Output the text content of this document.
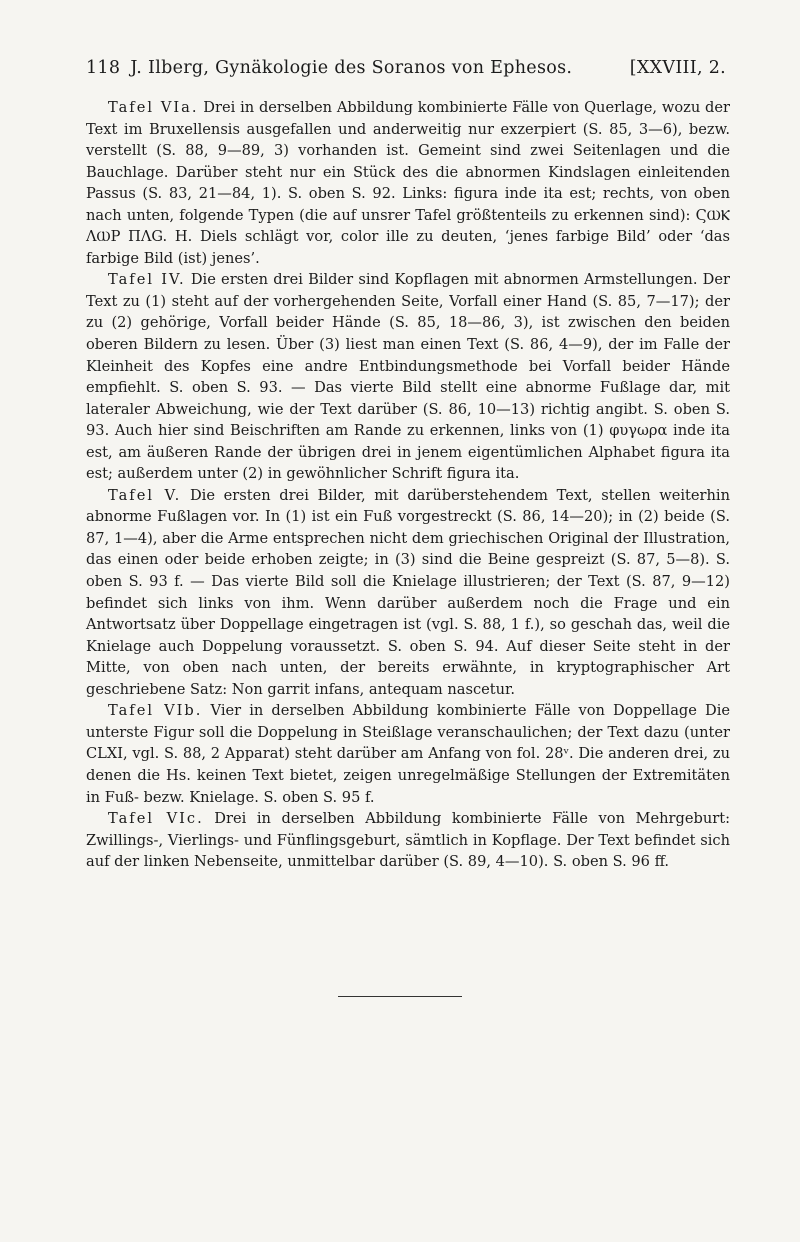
118 J. Ilberg, Gynäkologie des Soranos von Ephesos.	[XXVIII, 2.

Tafel VIa. Drei in derselben Abbildung kombinierte Fälle von Querlage, wozu der Text im Bruxellensis ausgefallen und anderweitig nur exzerpiert (S. 85, 3—6), bezw. verstellt (S. 88, 9—89, 3) vorhanden ist. Gemeint sind zwei Seitenlagen und die Bauchlage. Darüber steht nur ein Stück des die abnormen Kindslagen einleitenden Passus (S. 83, 21—84, 1). S. oben S. 92. Links: figura inde ita est; rechts, von oben nach unten, folgende Typen (die auf unsrer Tafel größtenteils zu erkennen sind): ϚⲰⲔ ΛⲰP ΠΛG. H. Diels schlägt vor, color ille zu deuten, ‘jenes farbige Bild’ oder ‘das farbige Bild (ist) jenes’.

Tafel IV. Die ersten drei Bilder sind Kopflagen mit abnormen Armstellungen. Der Text zu (1) steht auf der vorhergehenden Seite, Vorfall einer Hand (S. 85, 7—17); der zu (2) gehörige, Vorfall beider Hände (S. 85, 18—86, 3), ist zwischen den beiden oberen Bildern zu lesen. Über (3) liest man einen Text (S. 86, 4—9), der im Falle der Kleinheit des Kopfes eine andre Entbindungsmethode bei Vorfall beider Hände empfiehlt. S. oben S. 93. — Das vierte Bild stellt eine abnorme Fußlage dar, mit lateraler Abweichung, wie der Text darüber (S. 86, 10—13) richtig angibt. S. oben S. 93. Auch hier sind Beischriften am Rande zu erkennen, links von (1) φυγωρα inde ita est, am äußeren Rande der übrigen drei in jenem eigentümlichen Alphabet figura ita est; außerdem unter (2) in gewöhnlicher Schrift figura ita.

Tafel V. Die ersten drei Bilder, mit darüberstehendem Text, stellen weiterhin abnorme Fußlagen vor. In (1) ist ein Fuß vorgestreckt (S. 86, 14—20); in (2) beide (S. 87, 1—4), aber die Arme entsprechen nicht dem griechischen Original der Illustration, das einen oder beide erhoben zeigte; in (3) sind die Beine gespreizt (S. 87, 5—8). S. oben S. 93 f. — Das vierte Bild soll die Knielage illustrieren; der Text (S. 87, 9—12) befindet sich links von ihm. Wenn darüber außerdem noch die Frage und ein Antwortsatz über Doppellage eingetragen ist (vgl. S. 88, 1 f.), so geschah das, weil die Knielage auch Doppelung voraussetzt. S. oben S. 94. Auf dieser Seite steht in der Mitte, von oben nach unten, der bereits erwähnte, in kryptographischer Art geschriebene Satz: Non garrit infans, antequam nascetur.

Tafel VIb. Vier in derselben Abbildung kombinierte Fälle von Doppellage Die unterste Figur soll die Doppelung in Steißlage veranschaulichen; der Text dazu (unter CLXI, vgl. S. 88, 2 Apparat) steht darüber am Anfang von fol. 28ᵛ. Die anderen drei, zu denen die Hs. keinen Text bietet, zeigen unregelmäßige Stellungen der Extremitäten in Fuß- bezw. Knielage. S. oben S. 95 f.

Tafel VIc. Drei in derselben Abbildung kombinierte Fälle von Mehrgeburt: Zwillings-, Vierlings- und Fünflingsgeburt, sämtlich in Kopflage. Der Text befindet sich auf der linken Nebenseite, unmittelbar darüber (S. 89, 4—10). S. oben S. 96 ff.
